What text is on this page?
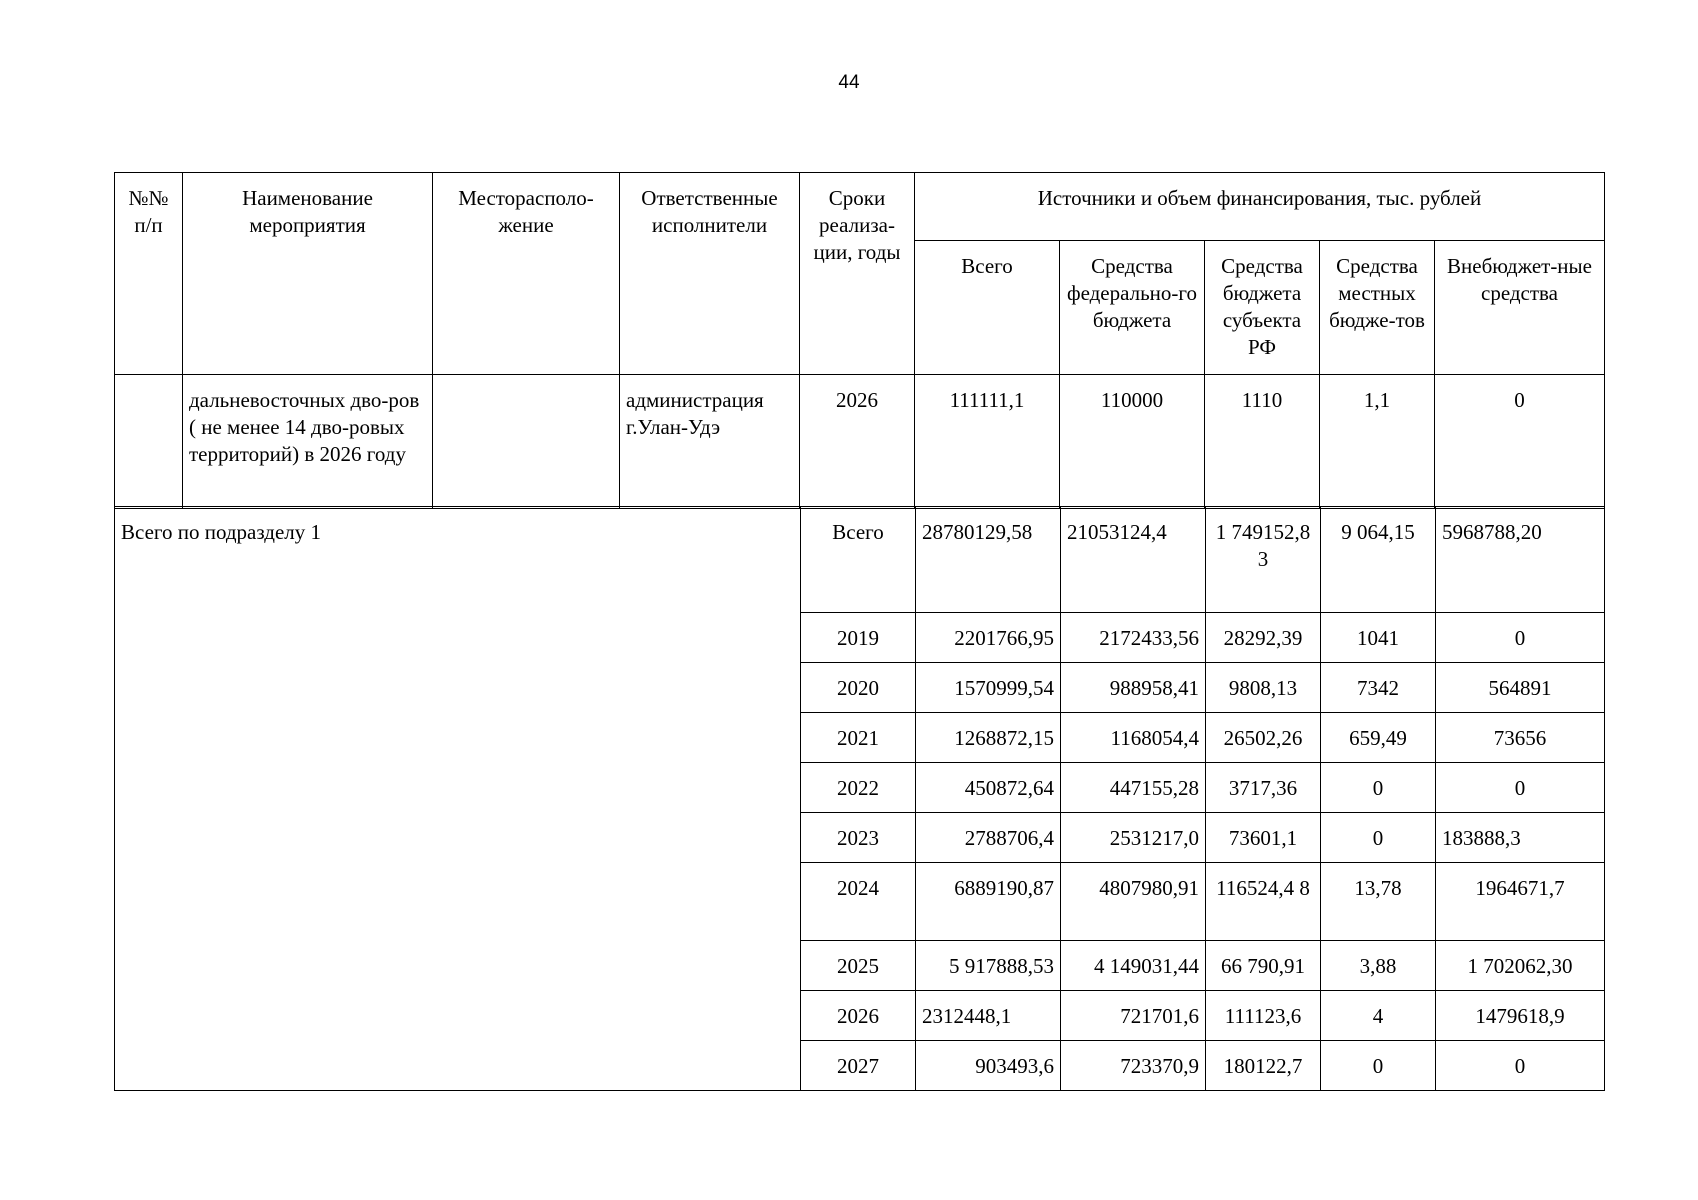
44
№№ п/п	Наименование мероприятия	Месторасполо-жение	Ответственные исполнители	Сроки реализа-ции, годы	Источники и объем финансирования, тыс. рублей				
					Всего	Средства федерально-го бюджета	Средства бюджета субъекта РФ	Средства местных бюдже-тов	Внебюджет-ные средства
	дальневосточных дво-ров ( не менее 14 дво-ровых территорий) в 2026 году		администрация г.Улан-Удэ	2026	111111,1	110000	1110	1,1	0
Всего по подразделу 1	Всего	28780129,58	21053124,4	1 749152,8 3	9 064,15	5968788,20
	2019	2201766,95	2172433,56	28292,39	1041	0
	2020	1570999,54	988958,41	9808,13	7342	564891
	2021	1268872,15	1168054,4	26502,26	659,49	73656
	2022	450872,64	447155,28	3717,36	0	0
	2023	2788706,4	2531217,0	73601,1	0	183888,3
	2024	6889190,87	4807980,91	116524,4 8	13,78	1964671,7
	2025	5 917888,53	4 149031,44	66 790,91	3,88	1 702062,30
	2026	2312448,1	721701,6	111123,6	4	1479618,9
	2027	903493,6	723370,9	180122,7	0	0
